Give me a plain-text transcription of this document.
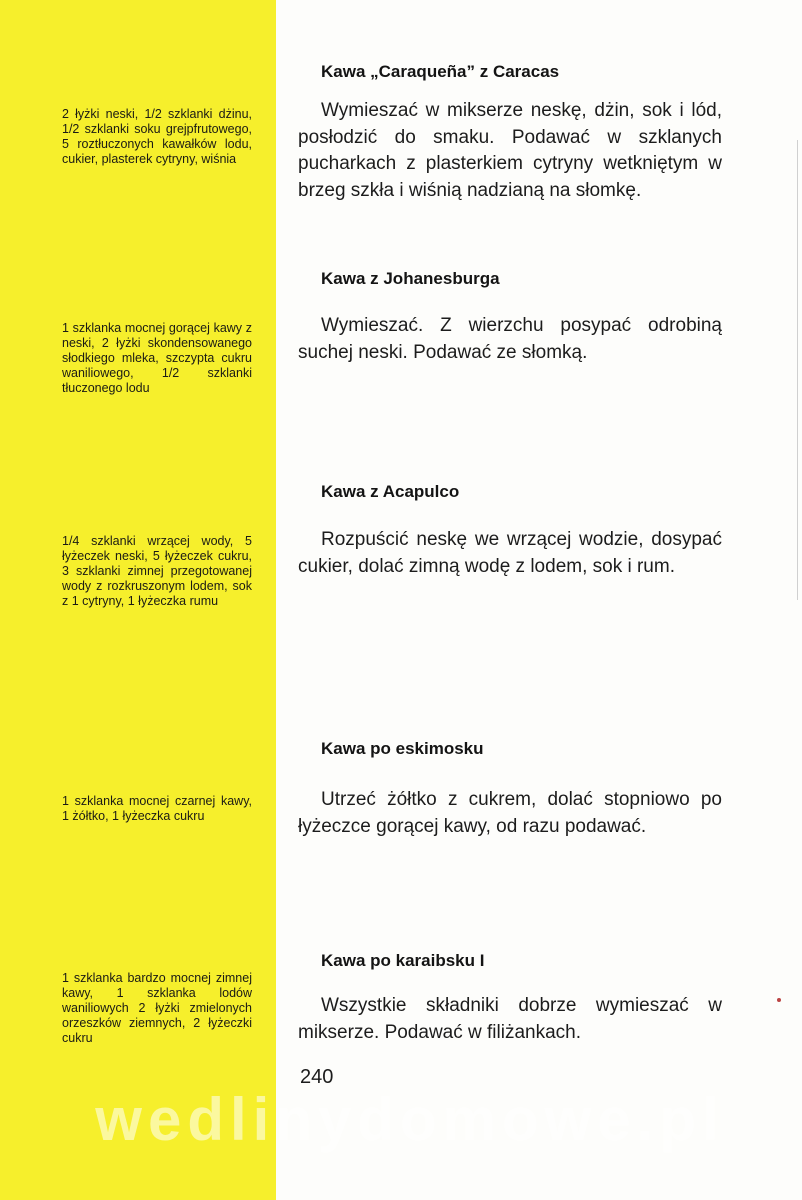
2 łyżki neski, 1/2 szklanki dżinu, 1/2 szklanki soku grejpfrutowego, 5 roztłuczonych kawałków lodu, cukier, plasterek cytryny, wiśnia

Kawa „Caraqueña” z Caracas

Wymieszać w mikserze neskę, dżin, sok i lód, posłodzić do smaku. Podawać w szklanych pucharkach z plasterkiem cytryny wetkniętym w brzeg szkła i wiśnią nadzianą na słomkę.

1 szklanka mocnej gorącej kawy z neski, 2 łyżki skondensowanego słodkiego mleka, szczypta cukru waniliowego, 1/2 szklanki tłuczonego lodu

Kawa z Johanesburga

Wymieszać. Z wierzchu posypać odrobiną suchej neski. Podawać ze słomką.

1/4 szklanki wrzącej wody, 5 łyżeczek neski, 5 łyżeczek cukru, 3 szklanki zimnej przegotowanej wody z rozkruszonym lodem, sok z 1 cytryny, 1 łyżeczka rumu

Kawa z Acapulco

Rozpuścić neskę we wrzącej wodzie, dosypać cukier, dolać zimną wodę z lodem, sok i rum.

1 szklanka mocnej czarnej kawy, 1 żółtko, 1 łyżeczka cukru

Kawa po eskimosku

Utrzeć żółtko z cukrem, dolać stopniowo po łyżeczce gorącej kawy, od razu podawać.

1 szklanka bardzo mocnej zimnej kawy, 1 szklanka lodów waniliowych 2 łyżki zmielonych orzeszków ziemnych, 2 łyżeczki cukru

Kawa po karaibsku I

Wszystkie składniki dobrze wymieszać w mikserze. Podawać w filiżankach.

240
wedlinydomowe.pl
